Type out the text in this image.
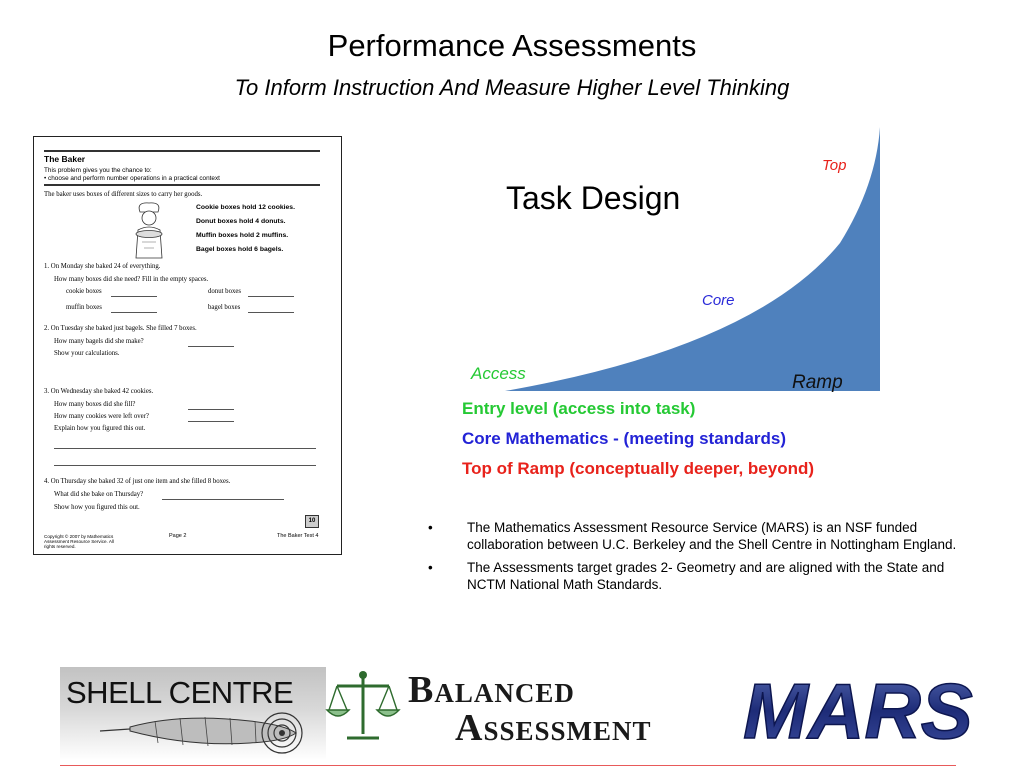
Performance Assessments
To Inform Instruction And Measure Higher Level Thinking
The Baker
This problem gives you the chance to:
• choose and perform number operations in a practical context
The baker uses boxes of different sizes to carry her goods.
Cookie boxes hold 12 cookies.
Donut boxes hold 4 donuts.
Muffin boxes hold 2 muffins.
Bagel boxes hold 6 bagels.
1. On Monday she baked 24 of everything.
How many boxes did she need? Fill in the empty spaces.
cookie boxes	donut boxes
muffin boxes	bagel boxes
2. On Tuesday she baked just bagels. She filled 7 boxes.
How many bagels did she make?
Show your calculations.
3. On Wednesday she baked 42 cookies.
How many boxes did she fill?
How many cookies were left over?
Explain how you figured this out.
4. On Thursday she baked 32 of just one item and she filled 8 boxes.
What did she bake on Thursday?
Show how you figured this out.
10
Copyright © 2007 by Mathematics Assessment Resource Service. All rights reserved.
Page 2	The Baker Test 4
Task Design
Top
Core
Access	Ramp
Entry level (access into task)
Core Mathematics - (meeting standards)
Top of Ramp (conceptually deeper, beyond)
•	The Mathematics Assessment Resource Service (MARS) is an NSF funded collaboration between U.C. Berkeley and the Shell Centre in Nottingham England.
•	The Assessments target grades 2- Geometry and are aligned with the State and NCTM National Math Standards.
SHELL CENTRE	Balanced
Assessment MARS
